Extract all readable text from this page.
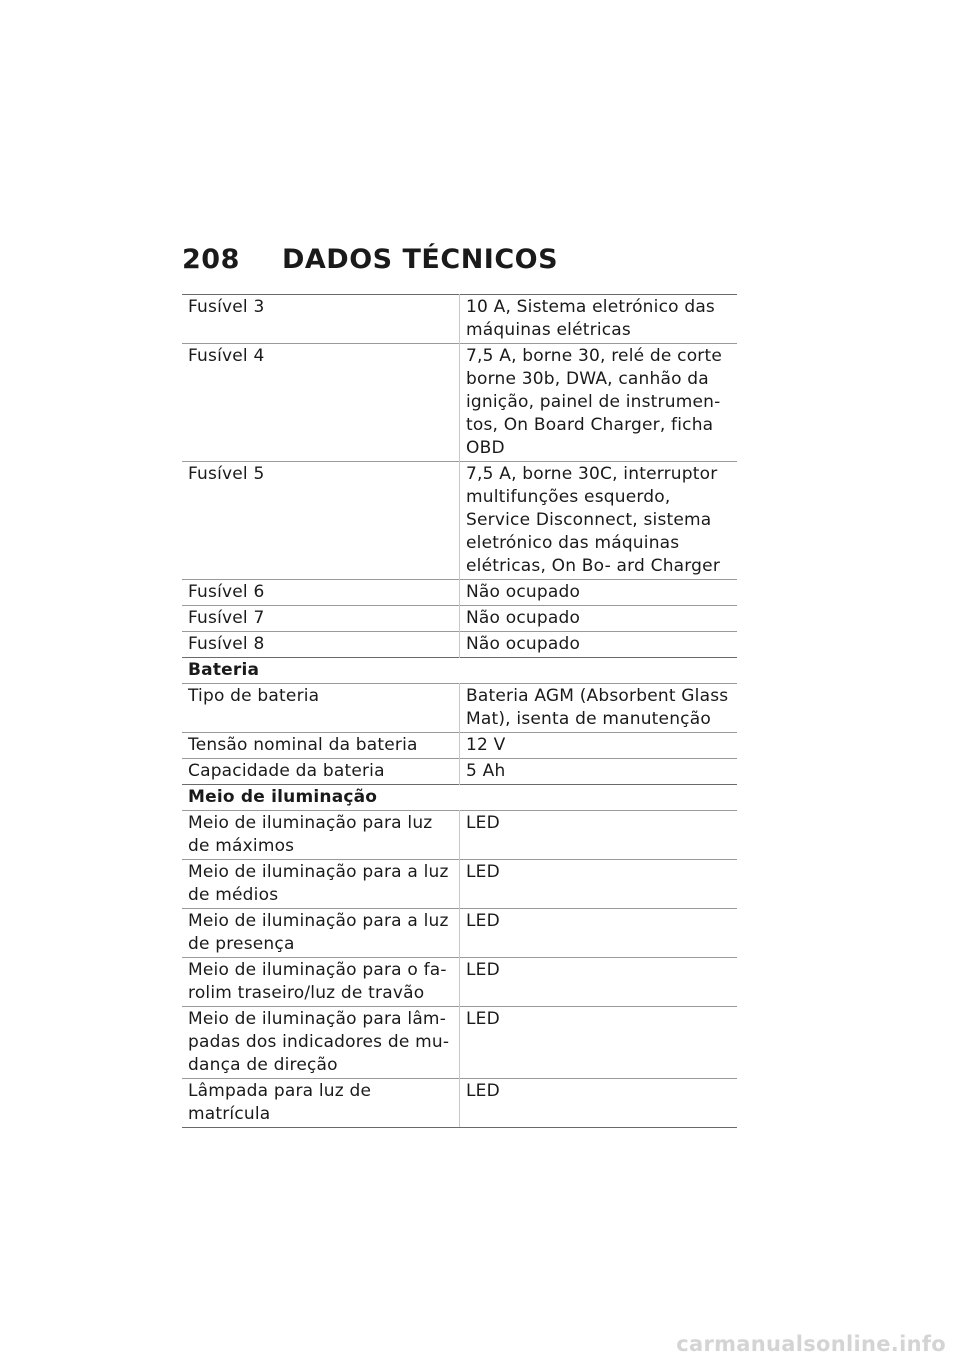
208	DADOS TÉCNICOS
Fusível 3	10 A, Sistema eletrónico das máquinas elétricas
Fusível 4	7,5 A, borne 30, relé de corte borne 30b, DWA, canhão da ignição, painel de instrumen- tos, On Board Charger, ficha OBD
Fusível 5	7,5 A, borne 30C, interruptor multifunções esquerdo, Service Disconnect, sistema eletrónico das máquinas elétricas, On Bo- ard Charger
Fusível 6	Não ocupado
Fusível 7	Não ocupado
Fusível 8	Não ocupado
Bateria	
Tipo de bateria	Bateria AGM (Absorbent Glass Mat), isenta de manutenção
Tensão nominal da bateria	12 V
Capacidade da bateria	5 Ah
Meio de iluminação	
Meio de iluminação para luz de máximos	LED
Meio de iluminação para a luz de médios	LED
Meio de iluminação para a luz de presença	LED
Meio de iluminação para o fa- rolim traseiro/luz de travão	LED
Meio de iluminação para lâm- padas dos indicadores de mu- dança de direção	LED
Lâmpada para luz de matrícula	LED
carmanualsonline.info
